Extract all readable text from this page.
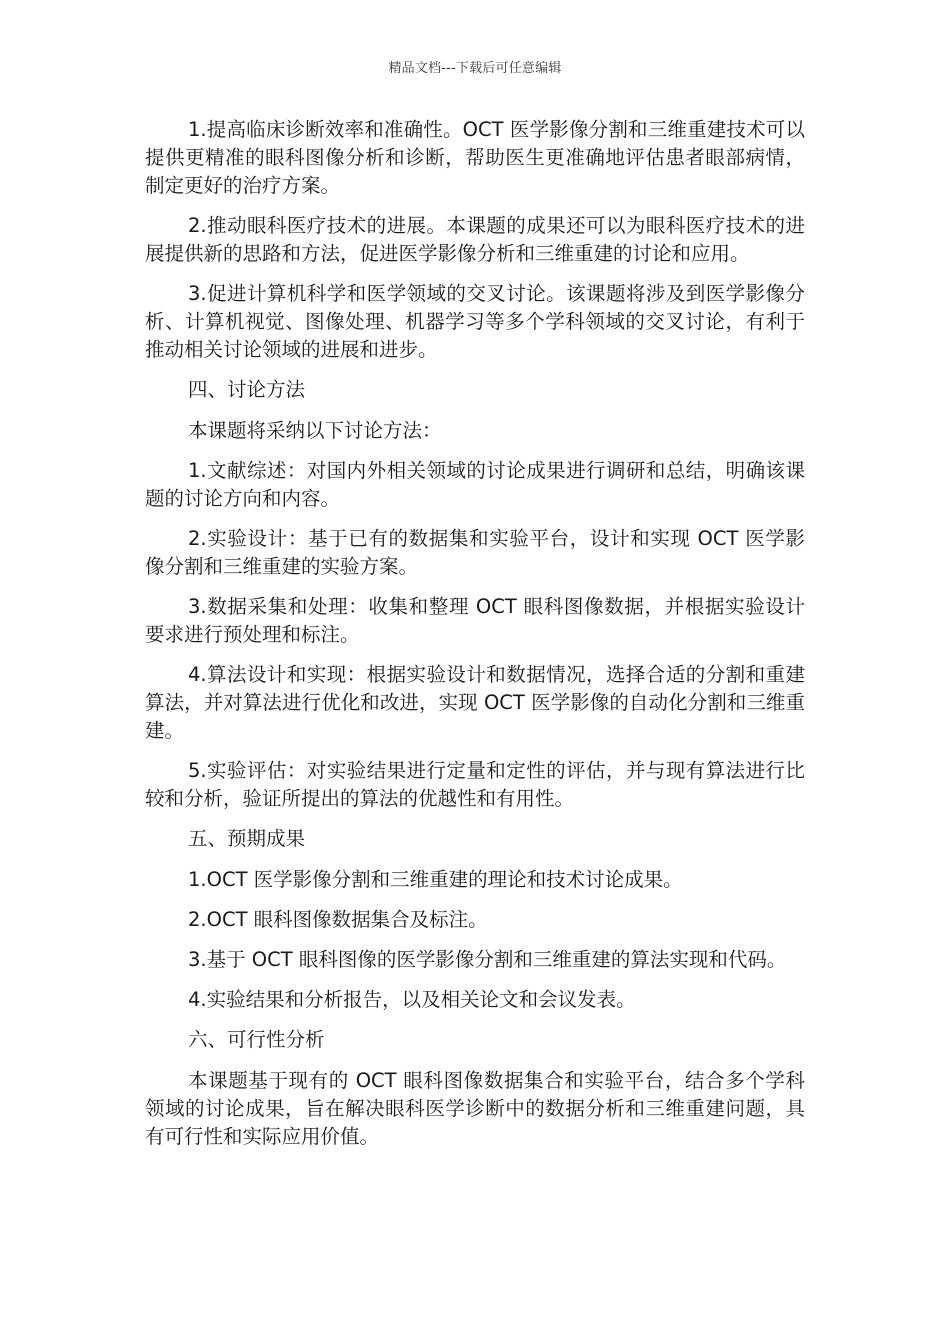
精品文档---下载后可任意编辑

1.提高临床诊断效率和准确性。OCT 医学影像分割和三维重建技术可以提供更精准的眼科图像分析和诊断，帮助医生更准确地评估患者眼部病情，制定更好的治疗方案。

2.推动眼科医疗技术的进展。本课题的成果还可以为眼科医疗技术的进展提供新的思路和方法，促进医学影像分析和三维重建的讨论和应用。

3.促进计算机科学和医学领域的交叉讨论。该课题将涉及到医学影像分析、计算机视觉、图像处理、机器学习等多个学科领域的交叉讨论，有利于推动相关讨论领域的进展和进步。

四、讨论方法

本课题将采纳以下讨论方法：

1.文献综述：对国内外相关领域的讨论成果进行调研和总结，明确该课题的讨论方向和内容。

2.实验设计：基于已有的数据集和实验平台，设计和实现 OCT 医学影像分割和三维重建的实验方案。

3.数据采集和处理：收集和整理 OCT 眼科图像数据，并根据实验设计要求进行预处理和标注。

4.算法设计和实现：根据实验设计和数据情况，选择合适的分割和重建算法，并对算法进行优化和改进，实现 OCT 医学影像的自动化分割和三维重建。

5.实验评估：对实验结果进行定量和定性的评估，并与现有算法进行比较和分析，验证所提出的算法的优越性和有用性。

五、预期成果

1.OCT 医学影像分割和三维重建的理论和技术讨论成果。

2.OCT 眼科图像数据集合及标注。

3.基于 OCT 眼科图像的医学影像分割和三维重建的算法实现和代码。

4.实验结果和分析报告，以及相关论文和会议发表。

六、可行性分析

本课题基于现有的 OCT 眼科图像数据集合和实验平台，结合多个学科领域的讨论成果，旨在解决眼科医学诊断中的数据分析和三维重建问题，具有可行性和实际应用价值。
